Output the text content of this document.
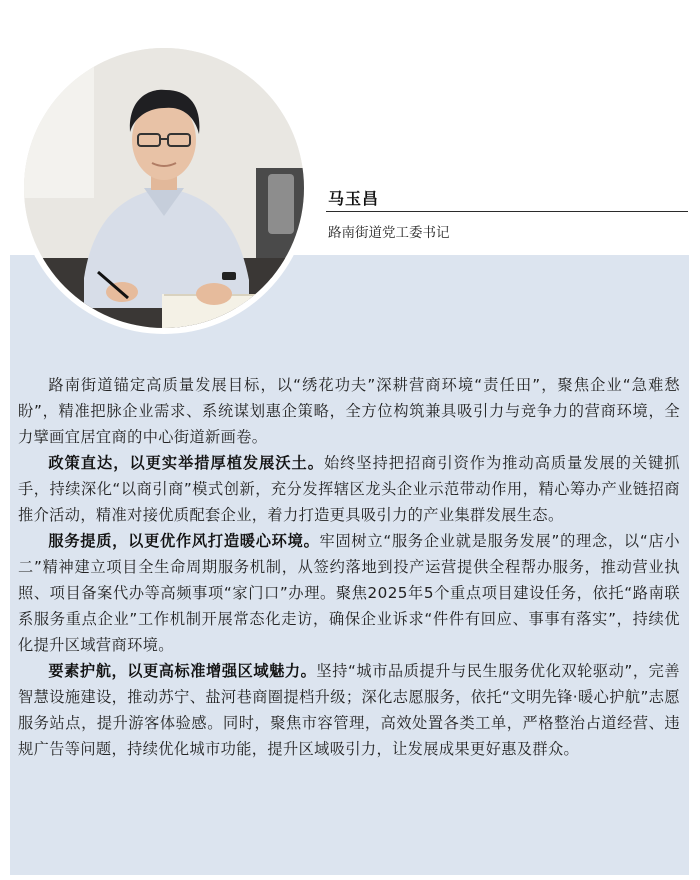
马玉昌
路南街道党工委书记

路南街道锚定高质量发展目标，以“绣花功夫”深耕营商环境“责任田”，聚焦企业“急难愁盼”，精准把脉企业需求、系统谋划惠企策略，全方位构筑兼具吸引力与竞争力的营商环境，全力擘画宜居宜商的中心街道新画卷。

政策直达，以更实举措厚植发展沃土。始终坚持把招商引资作为推动高质量发展的关键抓手，持续深化“以商引商”模式创新，充分发挥辖区龙头企业示范带动作用，精心筹办产业链招商推介活动，精准对接优质配套企业，着力打造更具吸引力的产业集群发展生态。

服务提质，以更优作风打造暖心环境。牢固树立“服务企业就是服务发展”的理念，以“店小二”精神建立项目全生命周期服务机制，从签约落地到投产运营提供全程帮办服务，推动营业执照、项目备案代办等高频事项“家门口”办理。聚焦2025年5个重点项目建设任务，依托“路南联系服务重点企业”工作机制开展常态化走访，确保企业诉求“件件有回应、事事有落实”，持续优化提升区域营商环境。

要素护航，以更高标准增强区域魅力。坚持“城市品质提升与民生服务优化双轮驱动”，完善智慧设施建设，推动苏宁、盐河巷商圈提档升级；深化志愿服务，依托“文明先锋·暖心护航”志愿服务站点，提升游客体验感。同时，聚焦市容管理，高效处置各类工单，严格整治占道经营、违规广告等问题，持续优化城市功能，提升区域吸引力，让发展成果更好惠及群众。
